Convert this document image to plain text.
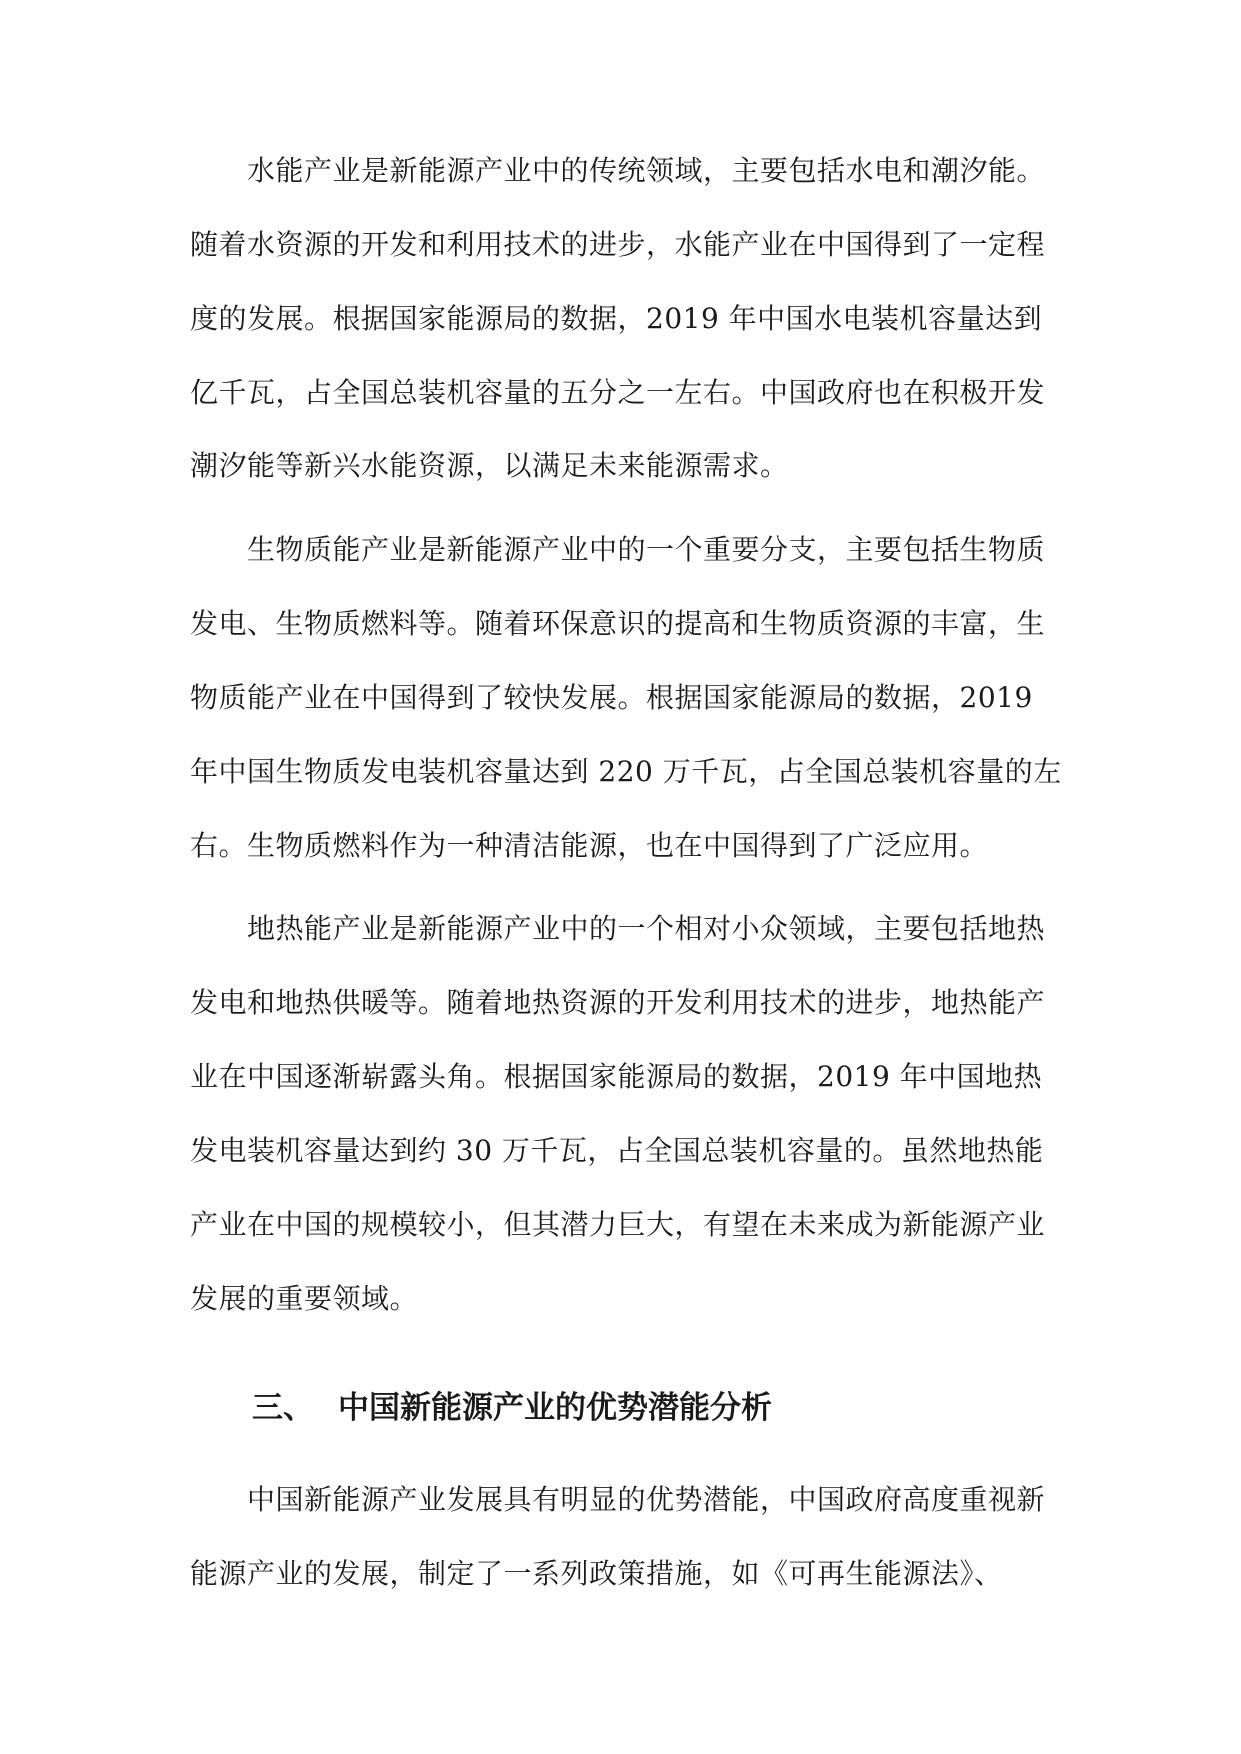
水能产业是新能源产业中的传统领域，主要包括水电和潮汐能。
随着水资源的开发和利用技术的进步，水能产业在中国得到了一定程
度的发展。根据国家能源局的数据，2019 年中国水电装机容量达到
亿千瓦，占全国总装机容量的五分之一左右。中国政府也在积极开发
潮汐能等新兴水能资源，以满足未来能源需求。
生物质能产业是新能源产业中的一个重要分支，主要包括生物质
发电、生物质燃料等。随着环保意识的提高和生物质资源的丰富，生
物质能产业在中国得到了较快发展。根据国家能源局的数据，2019
年中国生物质发电装机容量达到 220 万千瓦，占全国总装机容量的左
右。生物质燃料作为一种清洁能源，也在中国得到了广泛应用。
地热能产业是新能源产业中的一个相对小众领域，主要包括地热
发电和地热供暖等。随着地热资源的开发利用技术的进步，地热能产
业在中国逐渐崭露头角。根据国家能源局的数据，2019 年中国地热
发电装机容量达到约 30 万千瓦，占全国总装机容量的。虽然地热能
产业在中国的规模较小，但其潜力巨大，有望在未来成为新能源产业
发展的重要领域。
三、 中国新能源产业的优势潜能分析
中国新能源产业发展具有明显的优势潜能，中国政府高度重视新
能源产业的发展，制定了一系列政策措施，如《可再生能源法》、
